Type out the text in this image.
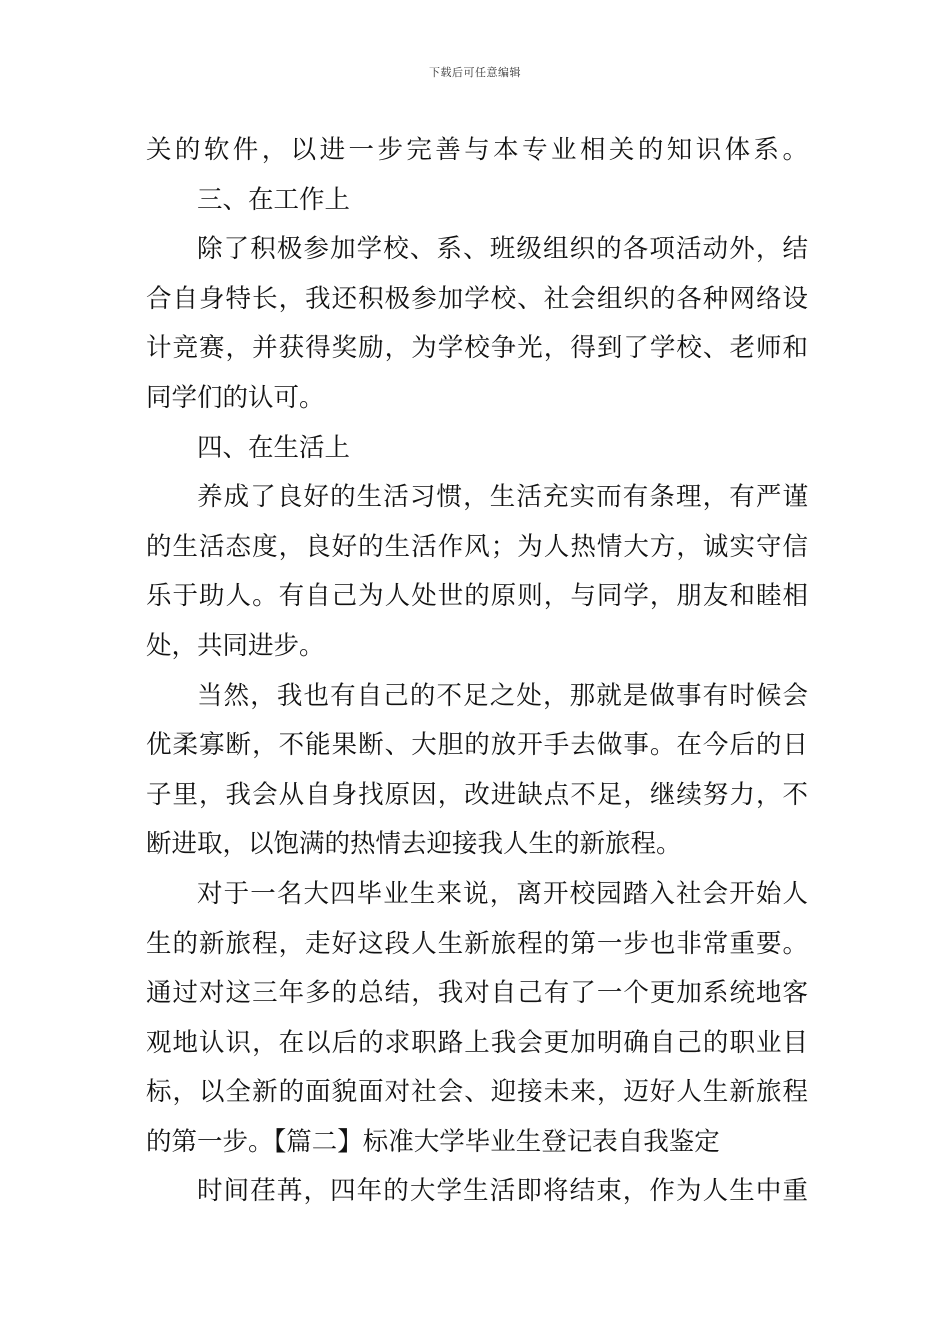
下载后可任意编辑
关的软件，以进一步完善与本专业相关的知识体系。
三、在工作上
除了积极参加学校、系、班级组织的各项活动外，结
合自身特长，我还积极参加学校、社会组织的各种网络设
计竞赛，并获得奖励，为学校争光，得到了学校、老师和
同学们的认可。
四、在生活上
养成了良好的生活习惯，生活充实而有条理，有严谨
的生活态度，良好的生活作风；为人热情大方，诚实守信
乐于助人。有自己为人处世的原则，与同学，朋友和睦相
处，共同进步。
当然，我也有自己的不足之处，那就是做事有时候会
优柔寡断，不能果断、大胆的放开手去做事。在今后的日
子里，我会从自身找原因，改进缺点不足，继续努力，不
断进取，以饱满的热情去迎接我人生的新旅程。
对于一名大四毕业生来说，离开校园踏入社会开始人
生的新旅程，走好这段人生新旅程的第一步也非常重要。
通过对这三年多的总结，我对自己有了一个更加系统地客
观地认识，在以后的求职路上我会更加明确自己的职业目
标，以全新的面貌面对社会、迎接未来，迈好人生新旅程
的第一步。【篇二】标准大学毕业生登记表自我鉴定
时间荏苒，四年的大学生活即将结束，作为人生中重
